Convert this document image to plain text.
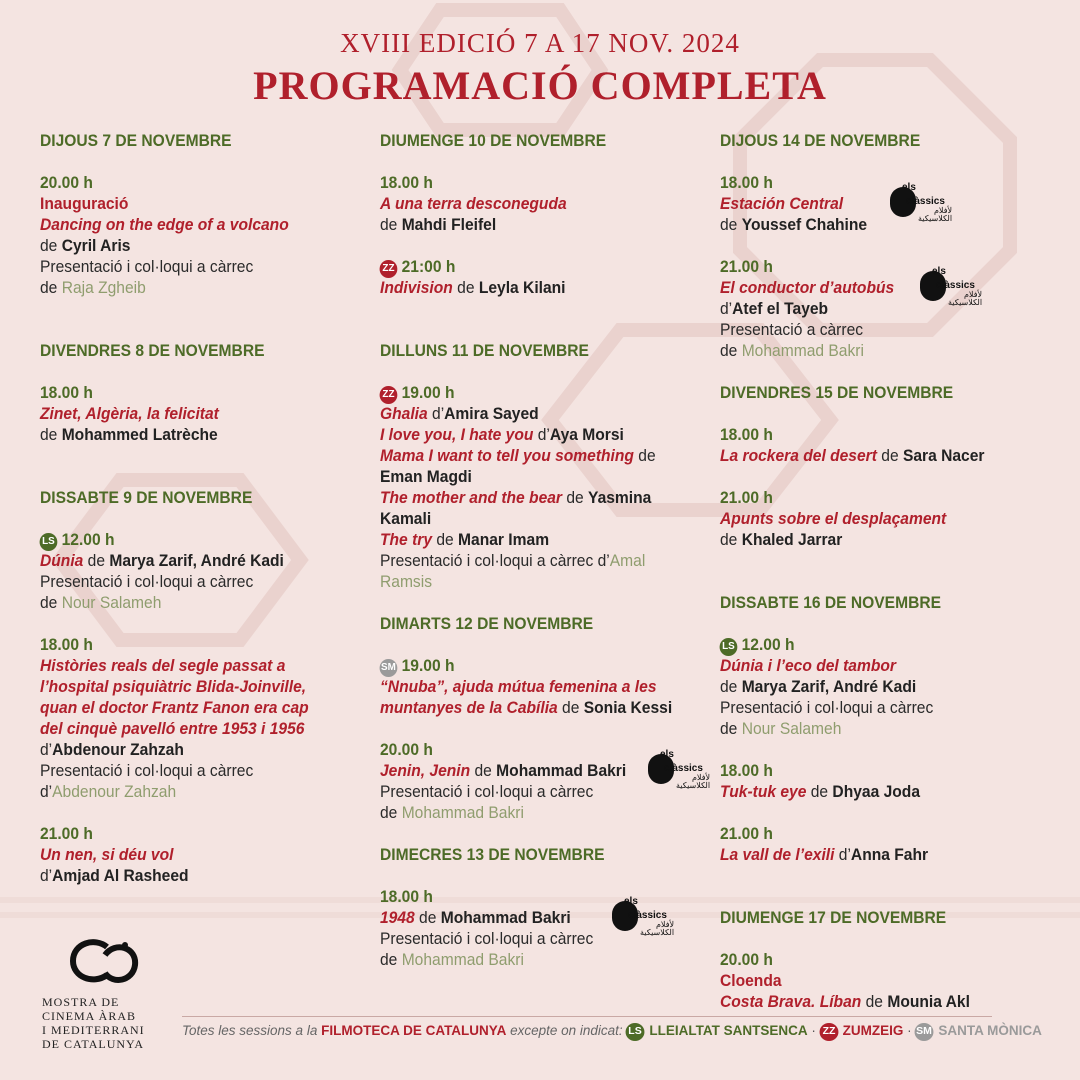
XVIII EDICIÓ 7 A 17 NOV. 2024
PROGRAMACIÓ COMPLETA
DIJOUS 7 DE NOVEMBRE
20.00 h
Inauguració
Dancing on the edge of a volcano
de Cyril Aris
Presentació i col·loqui a càrrec
de Raja Zgheib
DIVENDRES 8 DE NOVEMBRE
18.00 h
Zinet, Algèria, la felicitat
de Mohammed Latrèche
DISSABTE 9 DE NOVEMBRE
LS 12.00 h
Dúnia de Marya Zarif, André Kadi
Presentació i col·loqui a càrrec
de Nour Salameh
18.00 h
Històries reals del segle passat a
l’hospital psiquiàtric Blida-Joinville,
quan el doctor Frantz Fanon era cap
del cinquè pavelló entre 1953 i 1956
d’Abdenour Zahzah
Presentació i col·loqui a càrrec
d’Abdenour Zahzah
21.00 h
Un nen, si déu vol
d’Amjad Al Rasheed
DIUMENGE 10 DE NOVEMBRE
18.00 h
A una terra desconeguda
de Mahdi Fleifel
ZZ 21:00 h
Indivision de Leyla Kilani
DILLUNS 11 DE NOVEMBRE
ZZ 19.00 h
Ghalia d’Amira Sayed
I love you, I hate you d’Aya Morsi
Mama I want to tell you something de
Eman Magdi
The mother and the bear de Yasmina
Kamali
The try de Manar Imam
Presentació i col·loqui a càrrec d’Amal
Ramsis
DIMARTS 12 DE NOVEMBRE
SM 19.00 h
“Nnuba”, ajuda mútua femenina a les
muntanyes de la Cabília de Sonia Kessi
20.00 h	els
clàssics
لأفلام الكلاسيكية
Jenin, Jenin de Mohammad Bakri
Presentació i col·loqui a càrrec
de Mohammad Bakri
DIMECRES 13 DE NOVEMBRE
18.00 h	els
clàssics
لأفلام الكلاسيكية
1948 de Mohammad Bakri
Presentació i col·loqui a càrrec
de Mohammad Bakri
DIJOUS 14 DE NOVEMBRE
18.00 h	els
clàssics
لأفلام الكلاسيكية
Estación Central
de Youssef Chahine
21.00 h	els
clàssics
لأفلام الكلاسيكية
El conductor d’autobús
d’Atef el Tayeb
Presentació a càrrec
de Mohammad Bakri
DIVENDRES 15 DE NOVEMBRE
18.00 h
La rockera del desert de Sara Nacer
21.00 h
Apunts sobre el desplaçament
de Khaled Jarrar
DISSABTE 16 DE NOVEMBRE
LS 12.00 h
Dúnia i l’eco del tambor
de Marya Zarif, André Kadi
Presentació i col·loqui a càrrec
de Nour Salameh
18.00 h
Tuk-tuk eye de Dhyaa Joda
21.00 h
La vall de l’exili d’Anna Fahr
DIUMENGE 17 DE NOVEMBRE
20.00 h
Cloenda
Costa Brava. Líban de Mounia Akl
MOSTRA DE
CINEMA ÀRAB
I MEDITERRANI
DE CATALUNYA
Totes les sessions a la FILMOTECA DE CATALUNYA excepte on indicat: LS LLEIALTAT SANTSENCA · ZZ ZUMZEIG · SM SANTA MÒNICA
